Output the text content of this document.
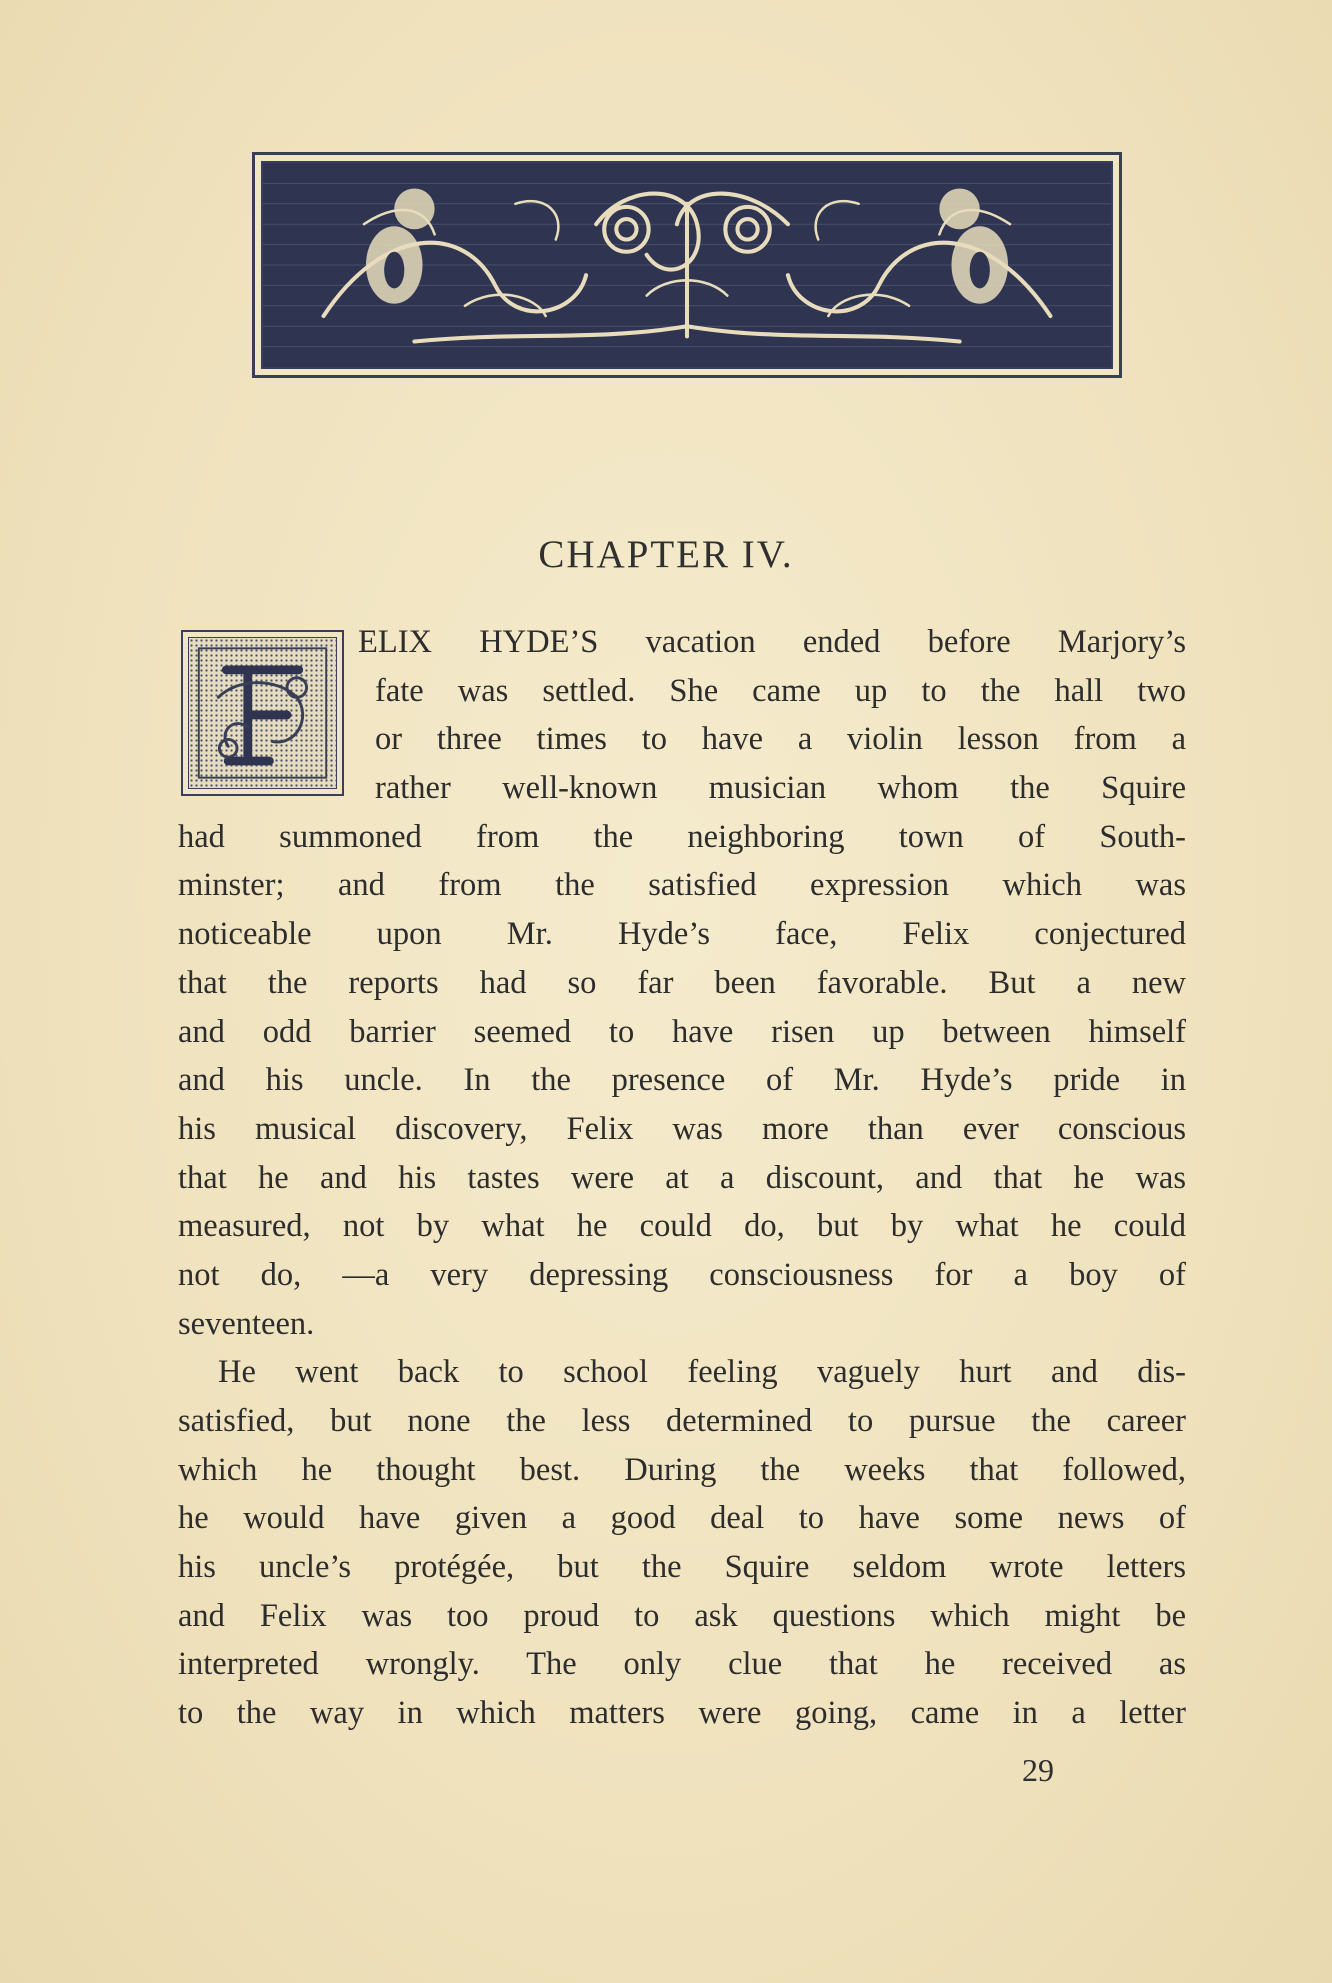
CHAPTER IV.
ELIX HYDE’S vacation ended before Marjory’s
fate was settled. She came up to the hall two
or three times to have a violin lesson from a
rather well-known musician whom the Squire
had summoned from the neighboring town of South-
minster; and from the satisfied expression which was
noticeable upon Mr. Hyde’s face, Felix conjectured
that the reports had so far been favorable. But a new
and odd barrier seemed to have risen up between himself
and his uncle. In the presence of Mr. Hyde’s pride in
his musical discovery, Felix was more than ever conscious
that he and his tastes were at a discount, and that he was
measured, not by what he could do, but by what he could
not do, —a very depressing consciousness for a boy of
seventeen.
He went back to school feeling vaguely hurt and dis-
satisfied, but none the less determined to pursue the career
which he thought best. During the weeks that followed,
he would have given a good deal to have some news of
his uncle’s protégée, but the Squire seldom wrote letters
and Felix was too proud to ask questions which might be
interpreted wrongly. The only clue that he received as
to the way in which matters were going, came in a letter
29
